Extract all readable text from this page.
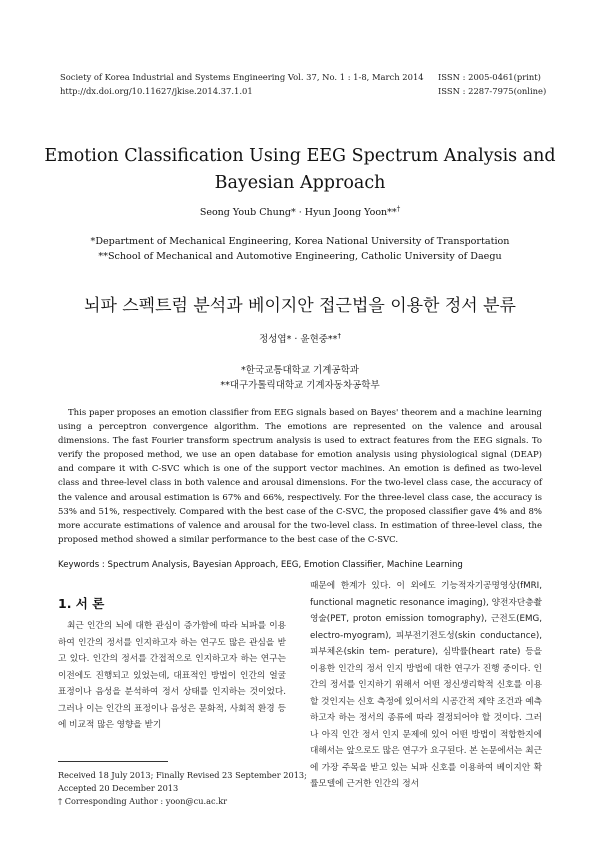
Society of Korea Industrial and Systems Engineering Vol. 37, No. 1 : 1-8, March 2014
http://dx.doi.org/10.11627/jkise.2014.37.1.01
ISSN : 2005-0461(print)
ISSN : 2287-7975(online)
Emotion Classification Using EEG Spectrum Analysis and
Bayesian Approach
Seong Youb Chung* · Hyun Joong Yoon**†
*Department of Mechanical Engineering, Korea National University of Transportation
**School of Mechanical and Automotive Engineering, Catholic University of Daegu
뇌파 스펙트럼 분석과 베이지안 접근법을 이용한 정서 분류
정성엽* · 윤현중**†
*한국교통대학교 기계공학과
**대구가톨릭대학교 기계자동차공학부

This paper proposes an emotion classifier from EEG signals based on Bayes' theorem and a machine learning using a perceptron convergence algorithm. The emotions are represented on the valence and arousal dimensions. The fast Fourier transform spectrum analysis is used to extract features from the EEG signals. To verify the proposed method, we use an open database for emotion analysis using physiological signal (DEAP) and compare it with C-SVC which is one of the support vector machines. An emotion is defined as two-level class and three-level class in both valence and arousal dimensions. For the two-level class case, the accuracy of the valence and arousal estimation is 67% and 66%, respectively. For the three-level class case, the accuracy is 53% and 51%, respectively. Compared with the best case of the C-SVC, the proposed classifier gave 4% and 8% more accurate estimations of valence and arousal for the two-level class. In estimation of three-level class, the proposed method showed a similar performance to the best case of the C-SVC.

Keywords : Spectrum Analysis, Bayesian Approach, EEG, Emotion Classifier, Machine Learning
1. 서 론

최근 인간의 뇌에 대한 관심이 증가함에 따라 뇌파를 이용하여 인간의 정서를 인지하고자 하는 연구도 많은 관심을 받고 있다. 인간의 정서를 간접적으로 인지하고자 하는 연구는 이전에도 진행되고 있었는데, 대표적인 방법이 인간의 얼굴 표정이나 음성을 분석하여 정서 상태를 인지하는 것이었다. 그러나 이는 인간의 표정이나 음성은 문화적, 사회적 환경 등에 비교적 많은 영향을 받기

때문에 한계가 있다. 이 외에도 기능적자기공명영상(fMRI, functional magnetic resonance imaging), 양전자단층촬영술(PET, proton emission tomography), 근전도(EMG, electro-myogram), 피부전기전도성(skin conductance), 피부체온(skin tem- perature), 심박률(heart rate) 등을 이용한 인간의 정서 인지 방법에 대한 연구가 진행 중이다. 인간의 정서를 인지하기 위해서 어떤 정신생리학적 신호를 이용할 것인지는 신호 측정에 있어서의 시공간적 제약 조건과 예측하고자 하는 정서의 종류에 따라 결정되어야 할 것이다. 그러나 아직 인간 정서 인지 문제에 있어 어떤 방법이 적합한지에 대해서는 앞으로도 많은 연구가 요구된다. 본 논문에서는 최근에 가장 주목을 받고 있는 뇌파 신호를 이용하여 베이지안 확률모델에 근거한 인간의 정서

Received 18 July 2013; Finally Revised 23 September 2013;
Accepted 20 December 2013
† Corresponding Author : yoon@cu.ac.kr
